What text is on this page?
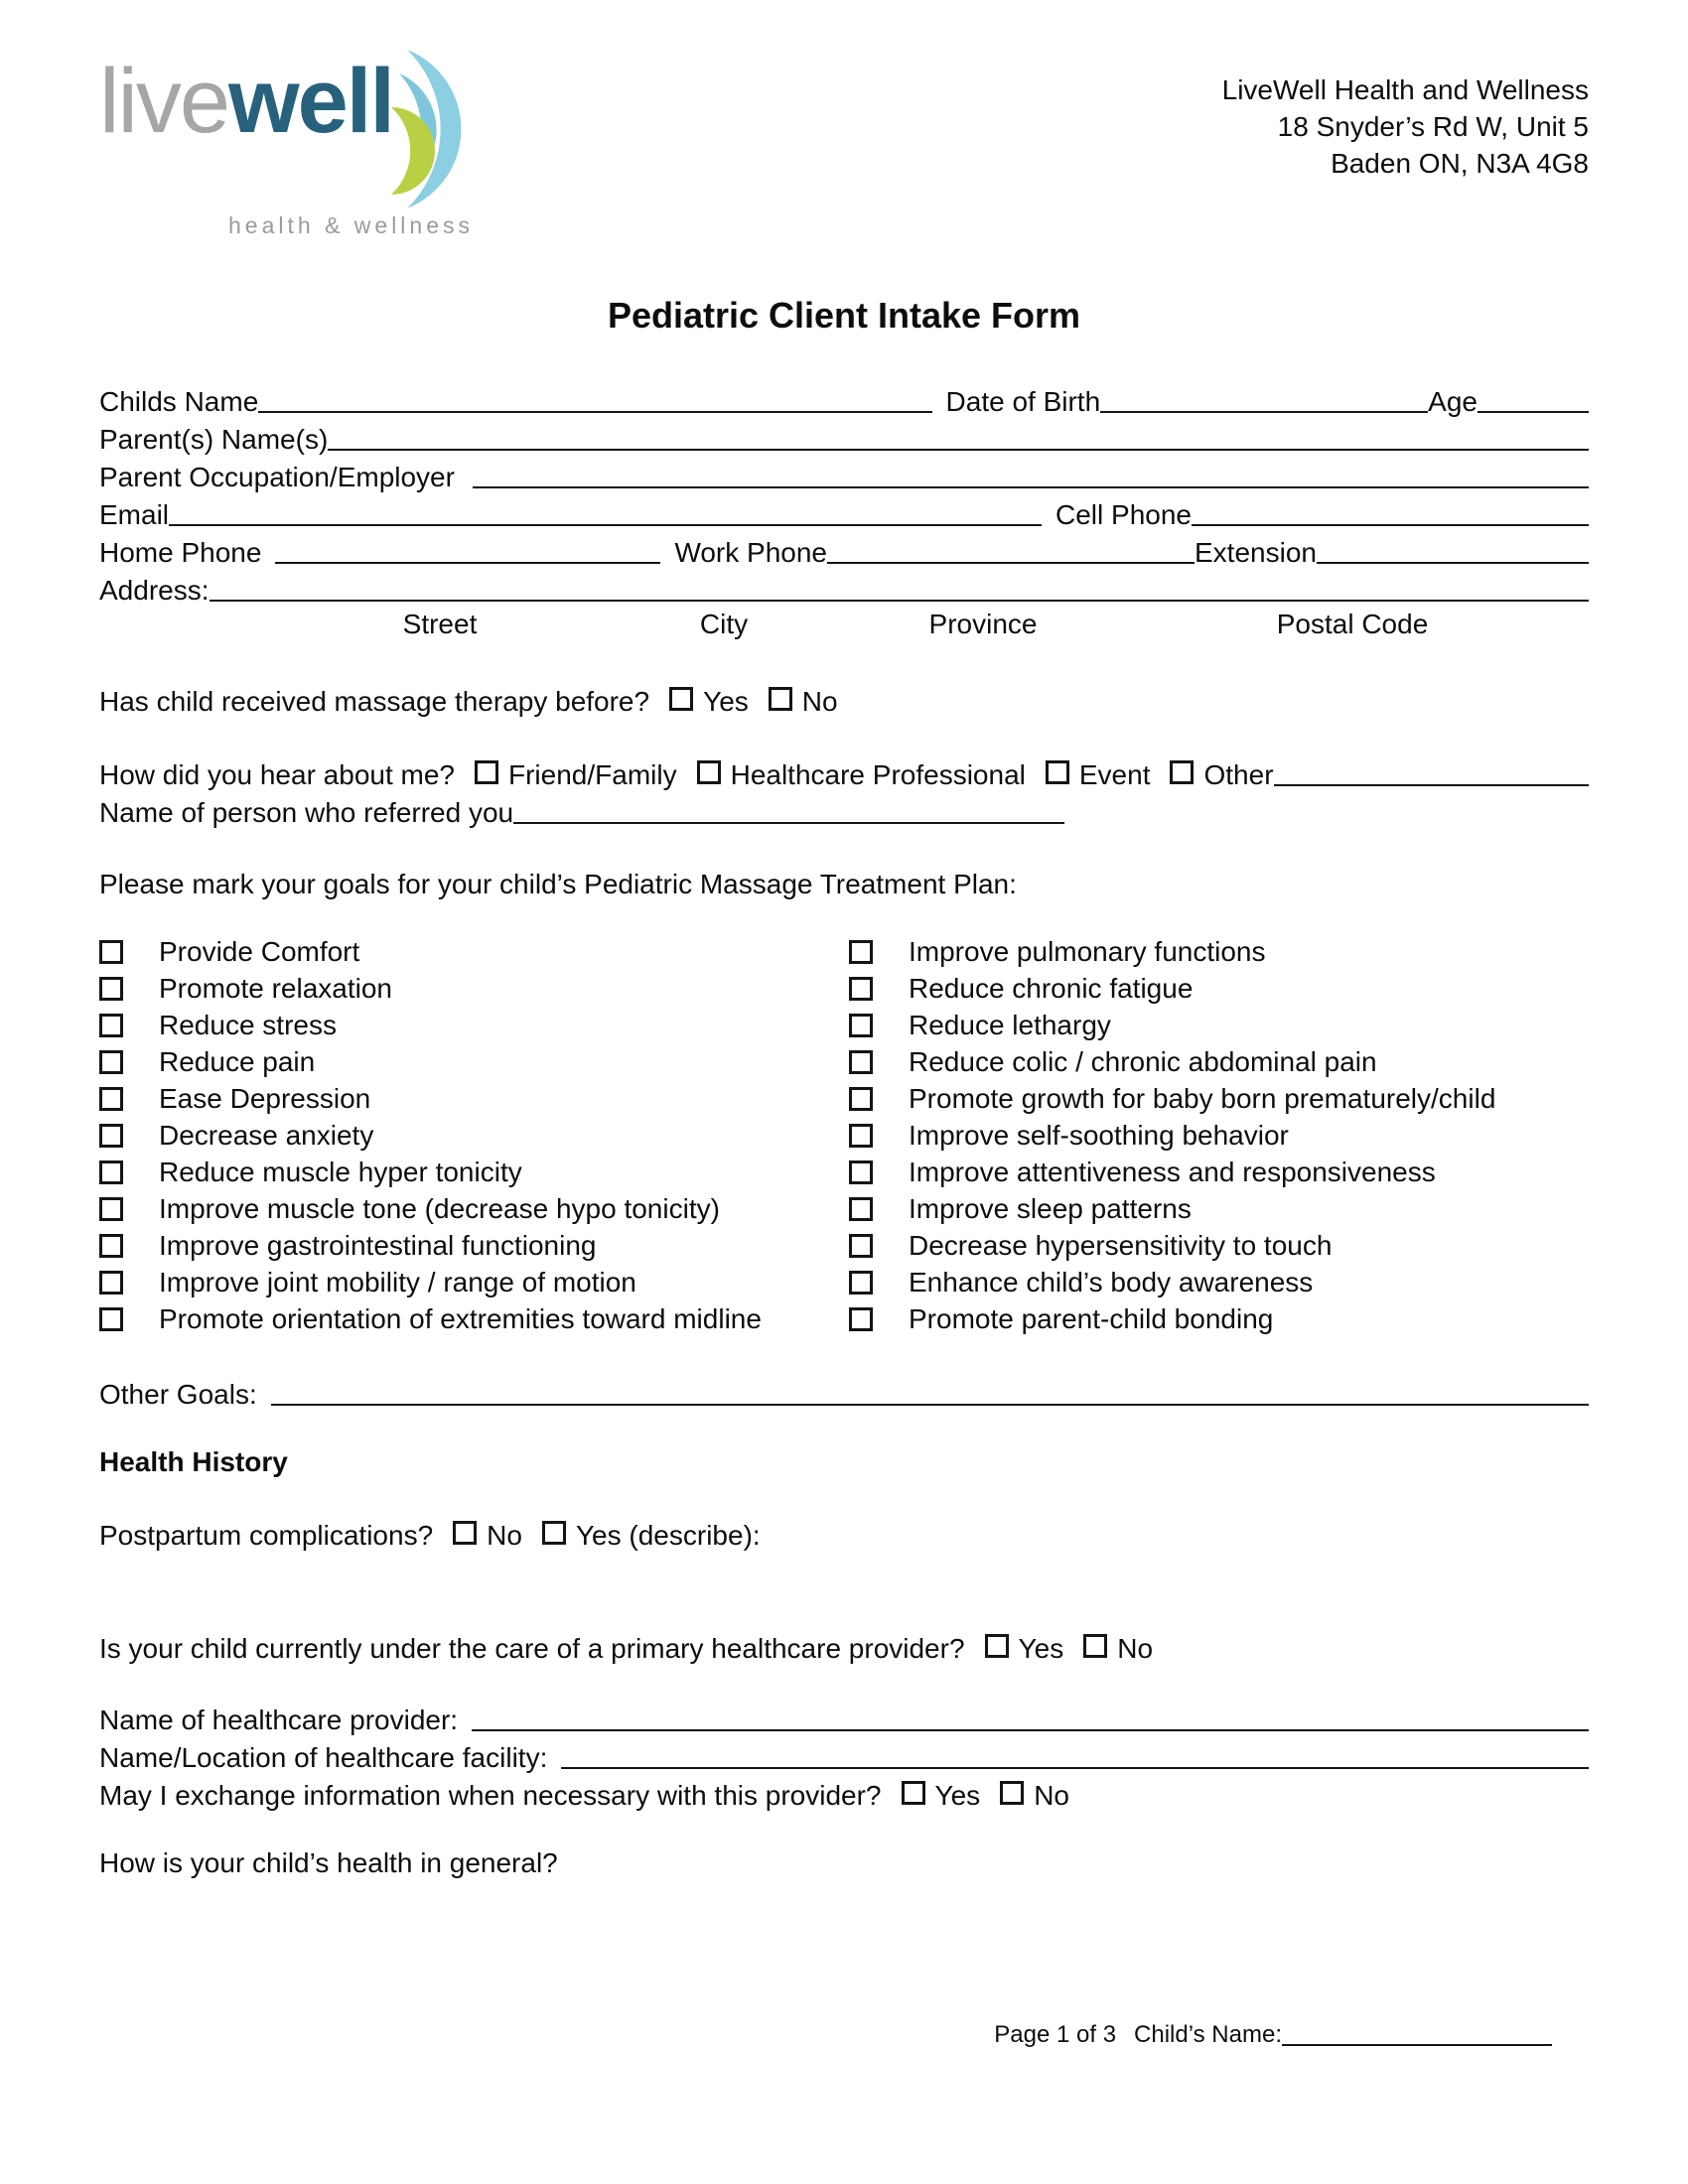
live well
health & wellness
LiveWell Health and Wellness
18 Snyder’s Rd W, Unit 5
Baden ON, N3A 4G8
Pediatric Client Intake Form
Childs Name	Date of Birth	Age
Parent(s) Name(s)
Parent Occupation/Employer
Email	Cell Phone
Home Phone	Work Phone	Extension
Address:
Street	City	Province	Postal Code
Has child received massage therapy before? Yes No
How did you hear about me? Friend/Family Healthcare Professional Event Other
Name of person who referred you
Please mark your goals for your child’s Pediatric Massage Treatment Plan:
Provide Comfort
Promote relaxation
Reduce stress
Reduce pain
Ease Depression
Decrease anxiety
Reduce muscle hyper tonicity
Improve muscle tone (decrease hypo tonicity)
Improve gastrointestinal functioning
Improve joint mobility / range of motion
Promote orientation of extremities toward midline
Improve pulmonary functions
Reduce chronic fatigue
Reduce lethargy
Reduce colic / chronic abdominal pain
Promote growth for baby born prematurely/child
Improve self-soothing behavior
Improve attentiveness and responsiveness
Improve sleep patterns
Decrease hypersensitivity to touch
Enhance child’s body awareness
Promote parent-child bonding
Other Goals:
Health History
Postpartum complications? No Yes (describe):
Is your child currently under the care of a primary healthcare provider? Yes No
Name of healthcare provider:
Name/Location of healthcare facility:
May I exchange information when necessary with this provider? Yes No
How is your child’s health in general?
Page 1 of 3 Child’s Name:
